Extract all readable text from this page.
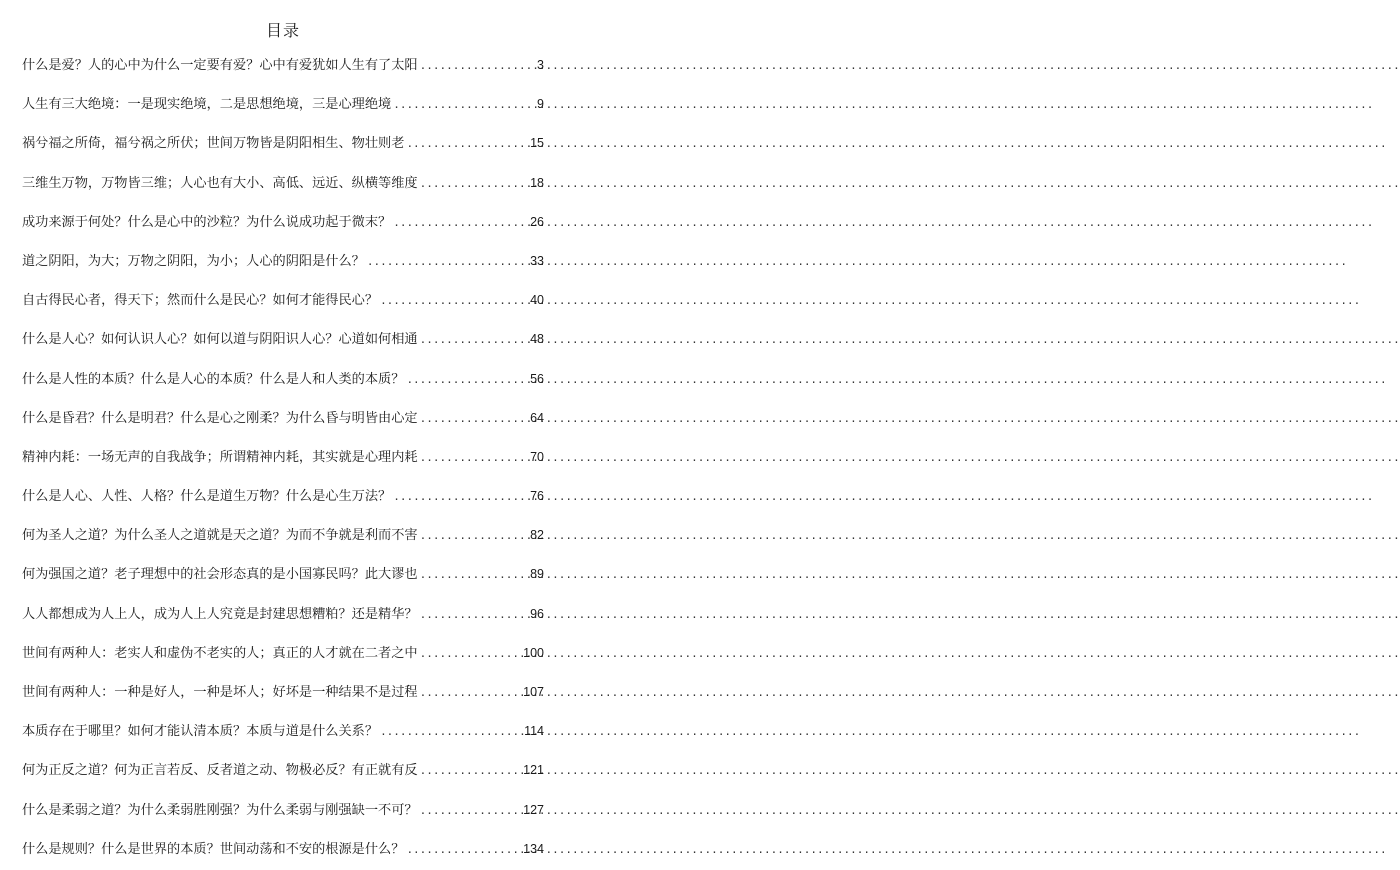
目录
什么是爱？人的心中为什么一定要有爱？心中有爱犹如人生有了太阳 .....	3
人生有三大绝境：一是现实绝境，二是思想绝境，三是心理绝境 .....	9
祸兮福之所倚，福兮祸之所伏；世间万物皆是阴阳相生、物壮则老 .....	15
三维生万物，万物皆三维；人心也有大小、高低、远近、纵横等维度 .....	18
成功来源于何处？什么是心中的沙粒？为什么说成功起于微末？ .....	26
道之阴阳，为大；万物之阴阳，为小；人心的阴阳是什么？ .....	33
自古得民心者，得天下；然而什么是民心？如何才能得民心？ .....	40
什么是人心？如何认识人心？如何以道与阴阳识人心？心道如何相通 .....	48
什么是人性的本质？什么是人心的本质？什么是人和人类的本质？ .....	56
什么是昏君？什么是明君？什么是心之刚柔？为什么昏与明皆由心定 .....	64
精神内耗：一场无声的自我战争；所谓精神内耗，其实就是心理内耗 .....	70
什么是人心、人性、人格？什么是道生万物？什么是心生万法？ .....	76
何为圣人之道？为什么圣人之道就是天之道？为而不争就是利而不害 .....	82
何为强国之道？老子理想中的社会形态真的是小国寡民吗？此大谬也 .....	89
人人都想成为人上人，成为人上人究竟是封建思想糟粕？还是精华？ .....	96
世间有两种人：老实人和虚伪不老实的人；真正的人才就在二者之中 .....	100
世间有两种人：一种是好人，一种是坏人；好坏是一种结果不是过程 .....	107
本质存在于哪里？如何才能认清本质？本质与道是什么关系？ .....	114
何为正反之道？何为正言若反、反者道之动、物极必反？有正就有反 .....	121
什么是柔弱之道？为什么柔弱胜刚强？为什么柔弱与刚强缺一不可？ .....	127
什么是规则？什么是世界的本质？世间动荡和不安的根源是什么？ .....	134
